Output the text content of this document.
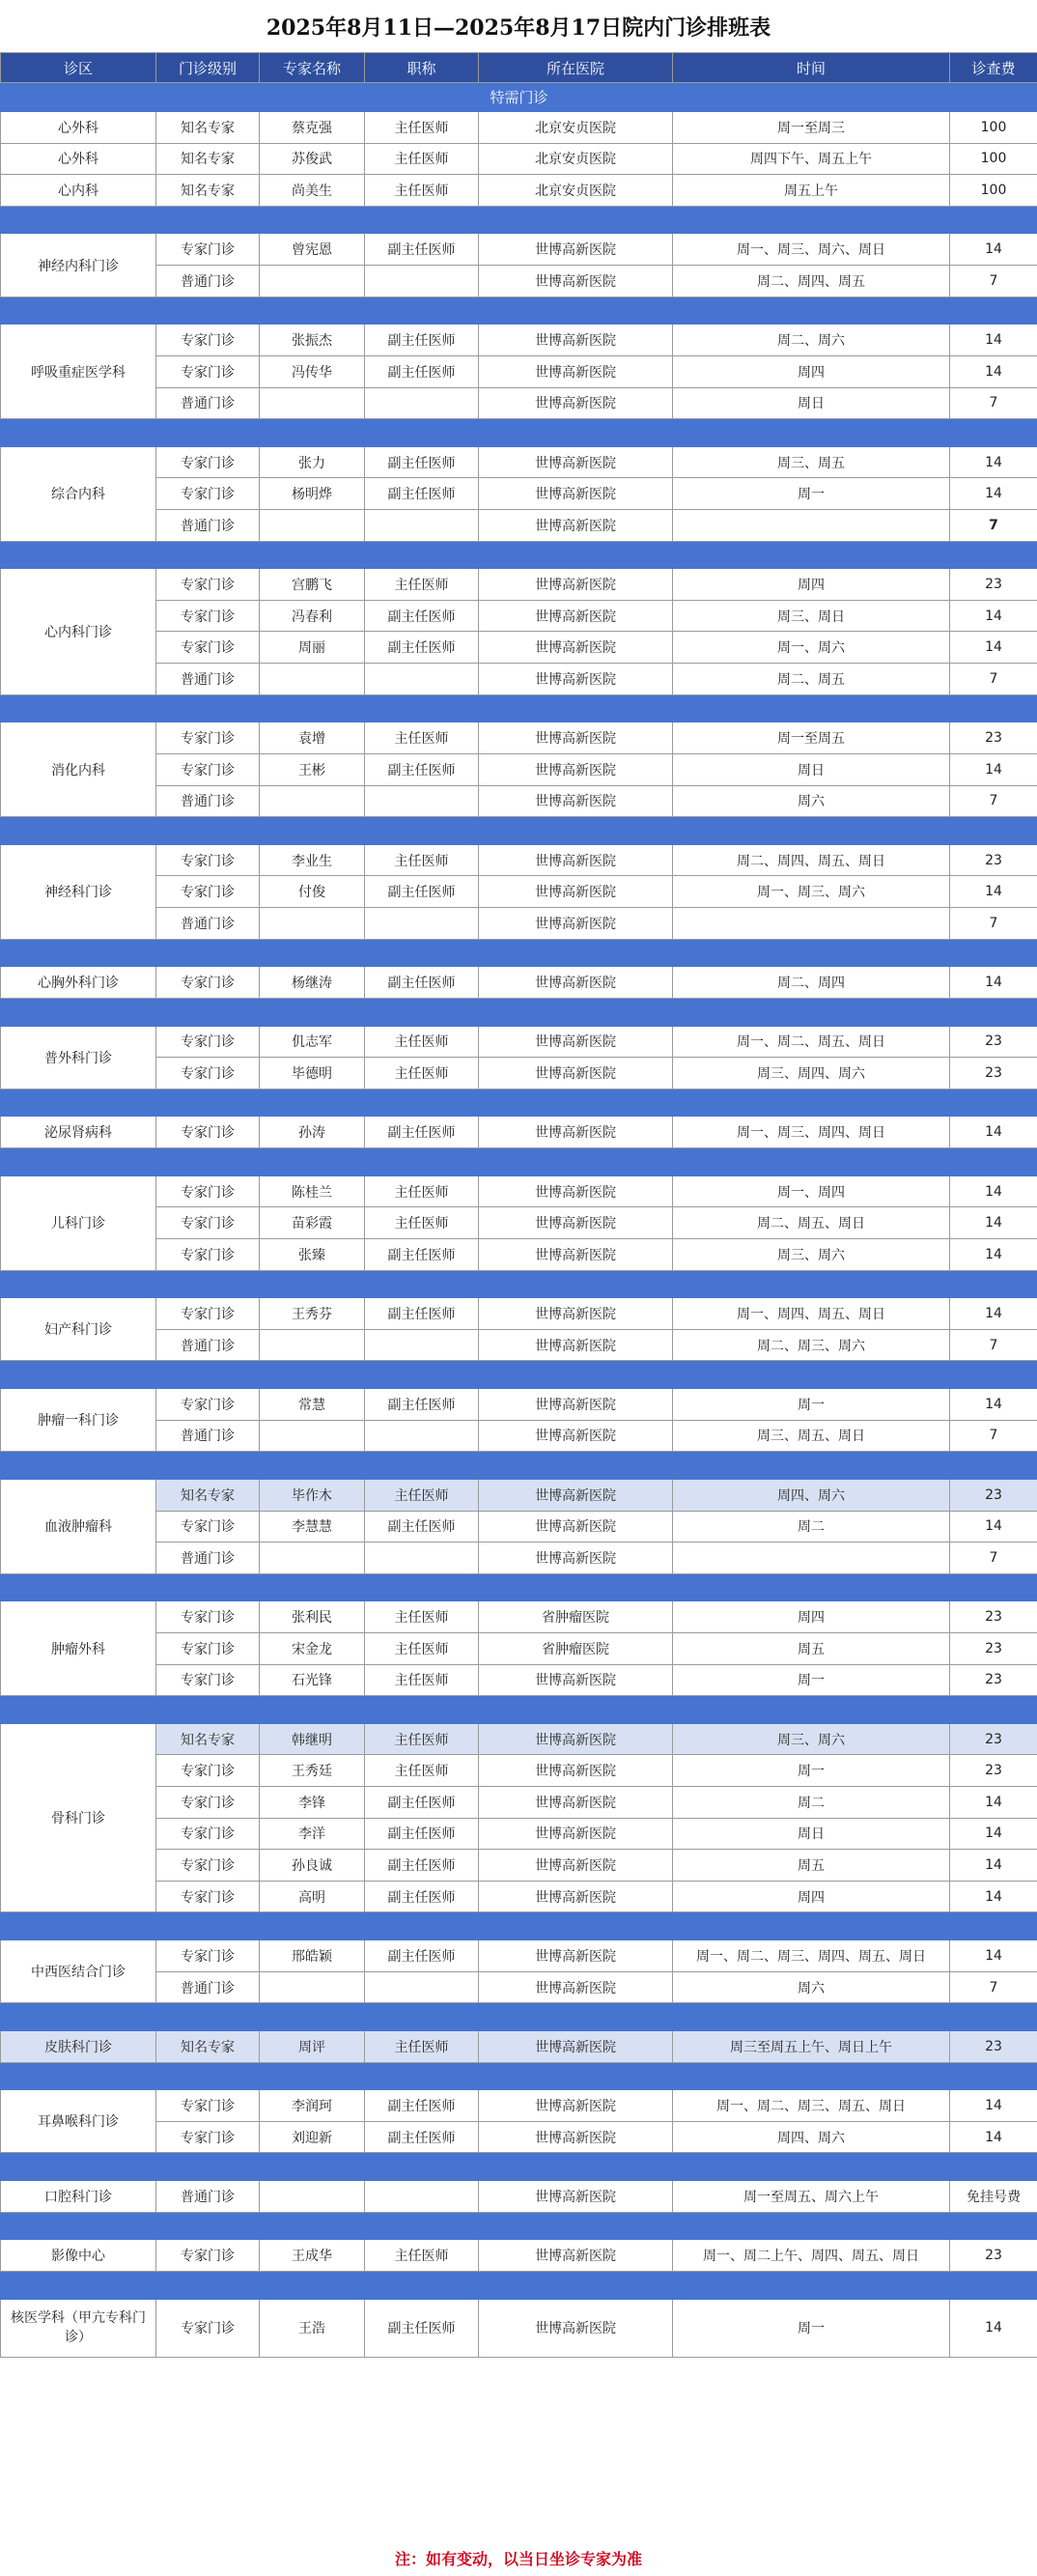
2025年8月11日—2025年8月17日院内门诊排班表
诊区	门诊级别	专家名称	职称	所在医院	时间	诊查费
特需门诊						
心外科	知名专家	蔡克强	主任医师	北京安贞医院	周一至周三	100
心外科	知名专家	苏俊武	主任医师	北京安贞医院	周四下午、周五上午	100
心内科	知名专家	尚美生	主任医师	北京安贞医院	周五上午	100

神经内科门诊	专家门诊	曾宪恩	副主任医师	世博高新医院	周一、周三、周六、周日	14
	普通门诊			世博高新医院	周二、周四、周五	7

呼吸重症医学科	专家门诊	张振杰	副主任医师	世博高新医院	周二、周六	14
	专家门诊	冯传华	副主任医师	世博高新医院	周四	14
	普通门诊			世博高新医院	周日	7

综合内科	专家门诊	张力	副主任医师	世博高新医院	周三、周五	14
	专家门诊	杨明烨	副主任医师	世博高新医院	周一	14
	普通门诊			世博高新医院		7

心内科门诊	专家门诊	宫鹏飞	主任医师	世博高新医院	周四	23
	专家门诊	冯春利	副主任医师	世博高新医院	周三、周日	14
	专家门诊	周丽	副主任医师	世博高新医院	周一、周六	14
	普通门诊			世博高新医院	周二、周五	7

消化内科	专家门诊	袁增	主任医师	世博高新医院	周一至周五	23
	专家门诊	王彬	副主任医师	世博高新医院	周日	14
	普通门诊			世博高新医院	周六	7

神经科门诊	专家门诊	李业生	主任医师	世博高新医院	周二、周四、周五、周日	23
	专家门诊	付俊	副主任医师	世博高新医院	周一、周三、周六	14
	普通门诊			世博高新医院		7

心胸外科门诊	专家门诊	杨继涛	副主任医师	世博高新医院	周二、周四	14

普外科门诊	专家门诊	仉志军	主任医师	世博高新医院	周一、周二、周五、周日	23
	专家门诊	毕德明	主任医师	世博高新医院	周三、周四、周六	23

泌尿肾病科	专家门诊	孙涛	副主任医师	世博高新医院	周一、周三、周四、周日	14

儿科门诊	专家门诊	陈桂兰	主任医师	世博高新医院	周一、周四	14
	专家门诊	苗彩霞	主任医师	世博高新医院	周二、周五、周日	14
	专家门诊	张臻	副主任医师	世博高新医院	周三、周六	14

妇产科门诊	专家门诊	王秀芬	副主任医师	世博高新医院	周一、周四、周五、周日	14
	普通门诊			世博高新医院	周二、周三、周六	7

肿瘤一科门诊	专家门诊	常慧	副主任医师	世博高新医院	周一	14
	普通门诊			世博高新医院	周三、周五、周日	7

血液肿瘤科	知名专家	毕作木	主任医师	世博高新医院	周四、周六	23
	专家门诊	李慧慧	副主任医师	世博高新医院	周二	14
	普通门诊			世博高新医院		7

肿瘤外科	专家门诊	张利民	主任医师	省肿瘤医院	周四	23
	专家门诊	宋金龙	主任医师	省肿瘤医院	周五	23
	专家门诊	石光锋	主任医师	世博高新医院	周一	23

骨科门诊	知名专家	韩继明	主任医师	世博高新医院	周三、周六	23
	专家门诊	王秀廷	主任医师	世博高新医院	周一	23
	专家门诊	李锋	副主任医师	世博高新医院	周二	14
	专家门诊	李洋	副主任医师	世博高新医院	周日	14
	专家门诊	孙良诚	副主任医师	世博高新医院	周五	14
	专家门诊	高明	副主任医师	世博高新医院	周四	14

中西医结合门诊	专家门诊	邢皓颖	副主任医师	世博高新医院	周一、周二、周三、周四、周五、周日	14
	普通门诊			世博高新医院	周六	7

皮肤科门诊	知名专家	周评	主任医师	世博高新医院	周三至周五上午、周日上午	23

耳鼻喉科门诊	专家门诊	李润珂	副主任医师	世博高新医院	周一、周二、周三、周五、周日	14
	专家门诊	刘迎新	副主任医师	世博高新医院	周四、周六	14

口腔科门诊	普通门诊			世博高新医院	周一至周五、周六上午	免挂号费

影像中心	专家门诊	王成华	主任医师	世博高新医院	周一、周二上午、周四、周五、周日	23

核医学科（甲亢专科门诊）	专家门诊	王浩	副主任医师	世博高新医院	周一	14
注：如有变动，以当日坐诊专家为准
